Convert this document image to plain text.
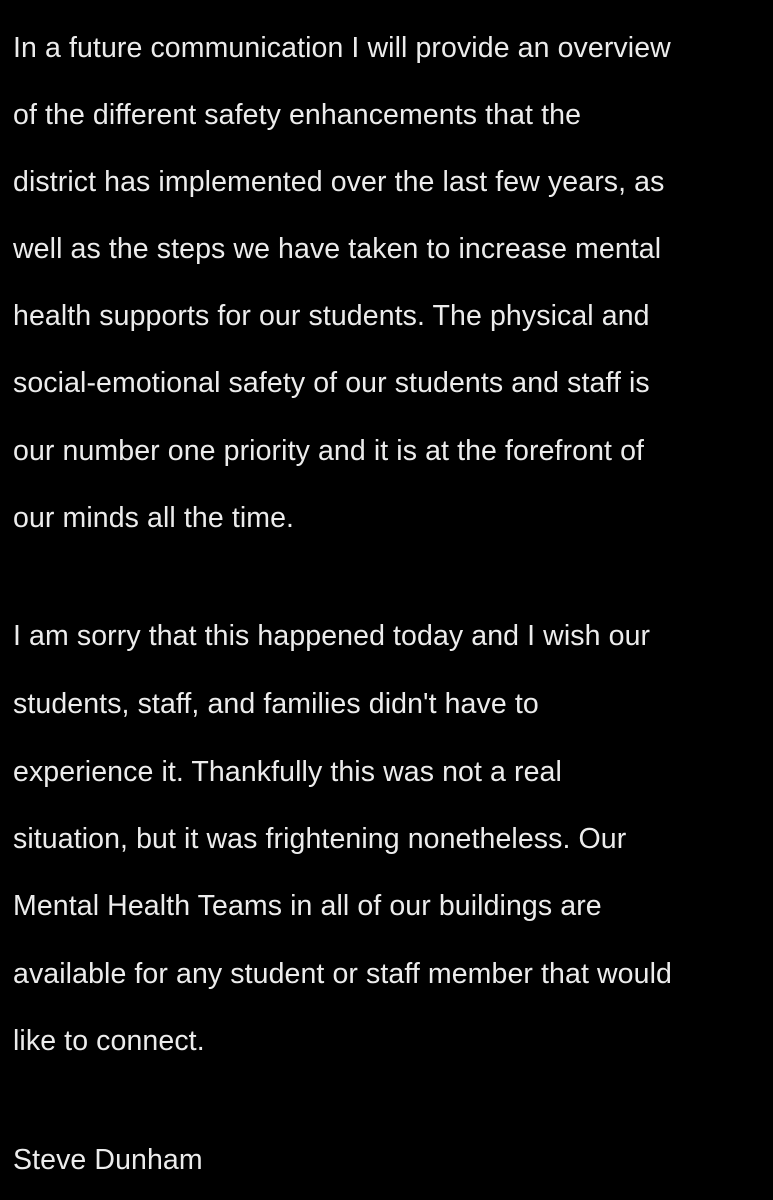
In a future communication I will provide an overview
of the different safety enhancements that the
district has implemented over the last few years, as
well as the steps we have taken to increase mental
health supports for our students. The physical and
social-emotional safety of our students and staff is
our number one priority and it is at the forefront of
our minds all the time.
I am sorry that this happened today and I wish our
students, staff, and families didn't have to
experience it. Thankfully this was not a real
situation, but it was frightening nonetheless. Our
Mental Health Teams in all of our buildings are
available for any student or staff member that would
like to connect.
Steve Dunham
